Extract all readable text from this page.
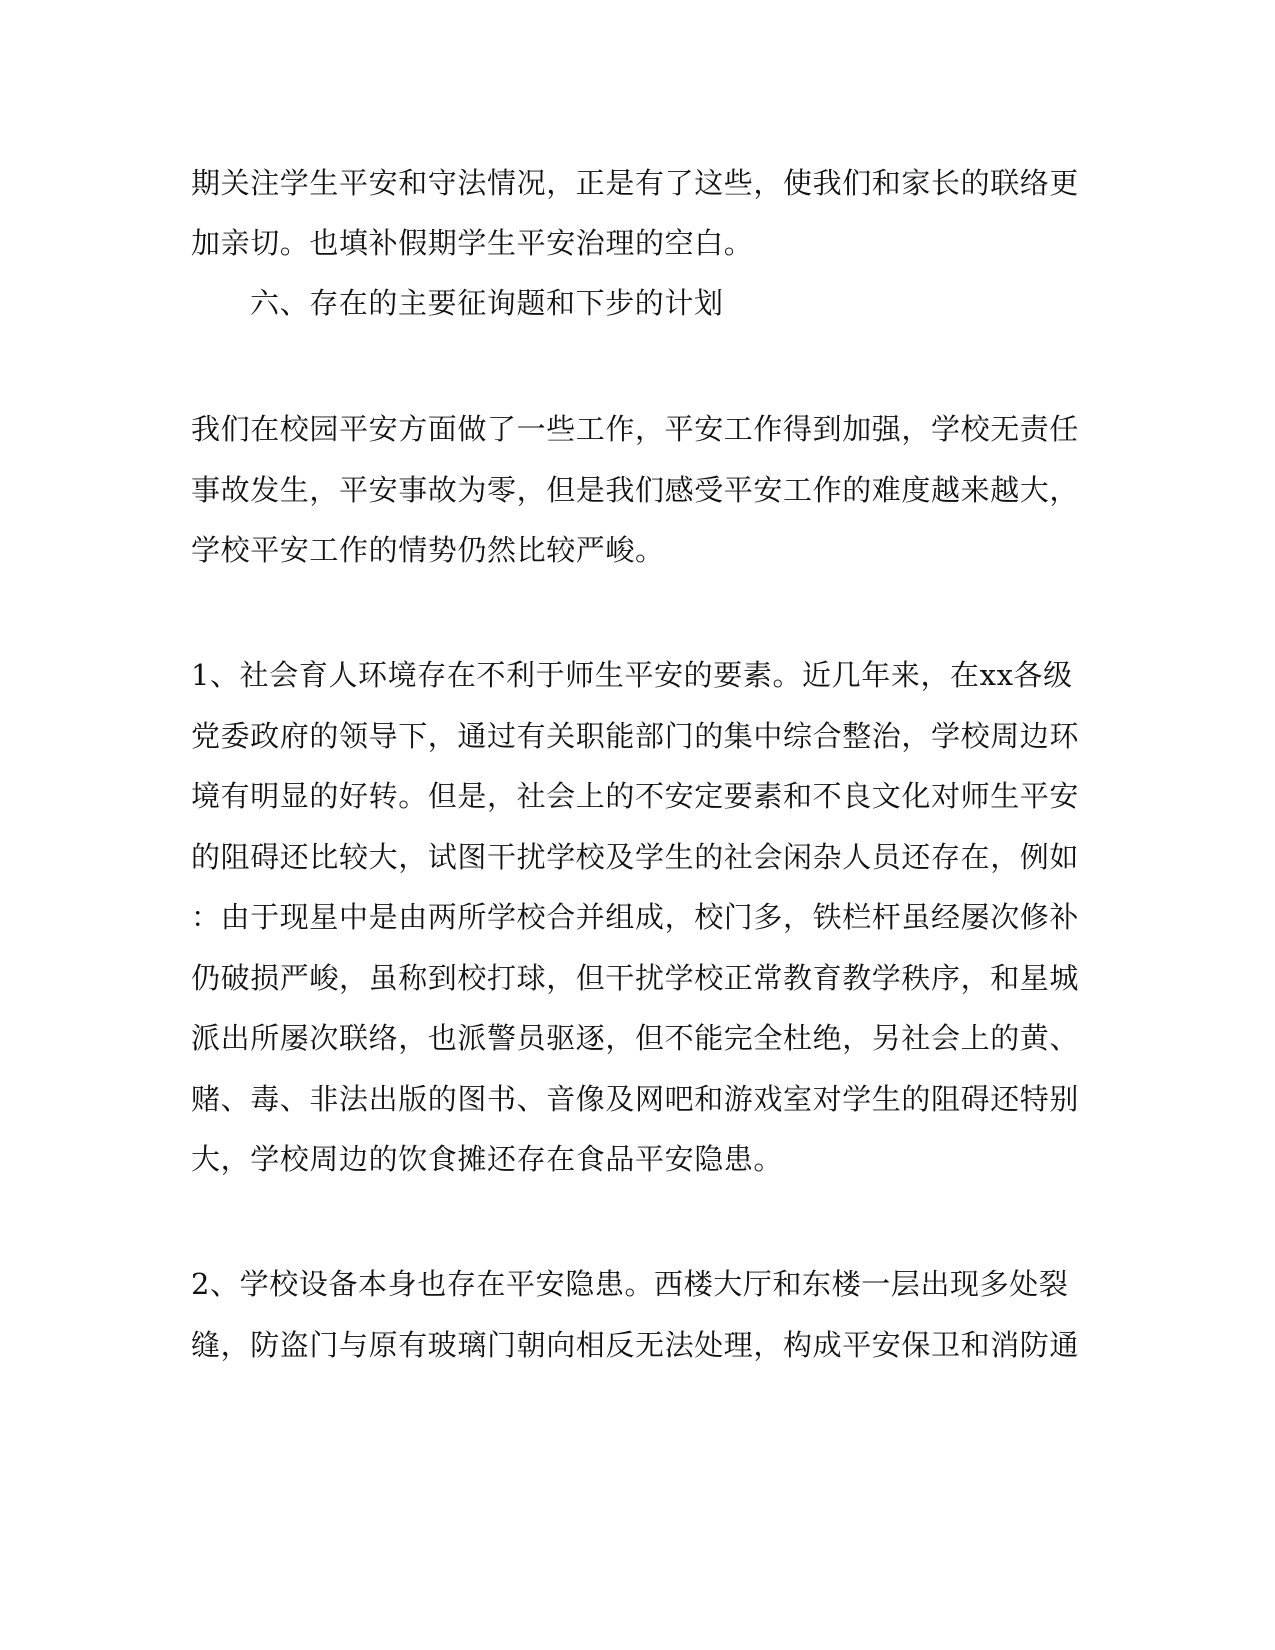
期关注学生平安和守法情况，正是有了这些，使我们和家长的联络更
加亲切。也填补假期学生平安治理的空白。
六、存在的主要征询题和下步的计划
我们在校园平安方面做了一些工作，平安工作得到加强，学校无责任
事故发生，平安事故为零，但是我们感受平安工作的难度越来越大，
学校平安工作的情势仍然比较严峻。
1、社会育人环境存在不利于师生平安的要素。近几年来，在xx各级
党委政府的领导下，通过有关职能部门的集中综合整治，学校周边环
境有明显的好转。但是，社会上的不安定要素和不良文化对师生平安
的阻碍还比较大，试图干扰学校及学生的社会闲杂人员还存在，例如
：由于现星中是由两所学校合并组成，校门多，铁栏杆虽经屡次修补
仍破损严峻，虽称到校打球，但干扰学校正常教育教学秩序，和星城
派出所屡次联络，也派警员驱逐，但不能完全杜绝，另社会上的黄、
赌、毒、非法出版的图书、音像及网吧和游戏室对学生的阻碍还特别
大，学校周边的饮食摊还存在食品平安隐患。
2、学校设备本身也存在平安隐患。西楼大厅和东楼一层出现多处裂
缝，防盗门与原有玻璃门朝向相反无法处理，构成平安保卫和消防通
